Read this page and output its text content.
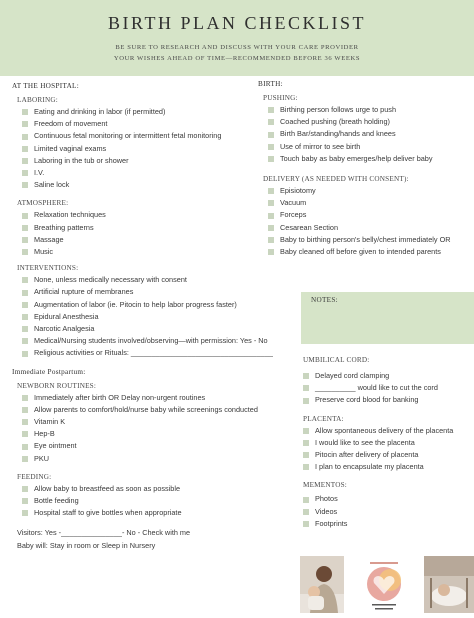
BIRTH PLAN CHECKLIST
BE SURE TO RESEARCH AND DISCUSS WITH YOUR CARE PROVIDER
YOUR WISHES AHEAD OF TIME—RECOMMENDED BEFORE 36 WEEKS
AT THE HOSPITAL:
LABORING:
Eating and drinking in labor (if permitted)
Freedom of movement
Continuous fetal monitoring or intermittent fetal monitoring
Limited vaginal exams
Laboring in the tub or shower
I.V.
Saline lock
ATMOSPHERE:
Relaxation techniques
Breathing patterns
Massage
Music
INTERVENTIONS:
None, unless medically necessary with consent
Artificial rupture of membranes
Augmentation of labor (ie. Pitocin to help labor progress faster)
Epidural Anesthesia
Narcotic Analgesia
Medical/Nursing students involved/observing—with permission: Yes - No
Religious activities or Rituals: ___________________________________
Immediate Postpartum:
NEWBORN ROUTINES:
Immediately after birth OR Delay non-urgent routines
Allow parents to comfort/hold/nurse baby while screenings conducted
Vitamin K
Hep-B
Eye ointment
PKU
FEEDING:
Allow baby to breastfeed as soon as possible
Bottle feeding
Hospital staff to give bottles when appropriate
Visitors: Yes -_______________- No - Check with me
Baby will: Stay in room or Sleep in Nursery
BIRTH:
PUSHING:
Birthing person follows urge to push
Coached pushing (breath holding)
Birth Bar/standing/hands and knees
Use of mirror to see birth
Touch baby as baby emerges/help deliver baby
DELIVERY (AS NEEDED WITH CONSENT):
Episiotomy
Vacuum
Forceps
Cesarean Section
Baby to birthing person's belly/chest immediately OR
Baby cleaned off before given to intended parents
NOTES:
UMBILICAL CORD:
Delayed cord clamping
__________ would like to cut the cord
Preserve cord blood for banking
PLACENTA:
Allow spontaneous delivery of the placenta
I would like to see the placenta
Pitocin after delivery of placenta
I plan to encapsulate my placenta
MEMENTOS:
Photos
Videos
Footprints
